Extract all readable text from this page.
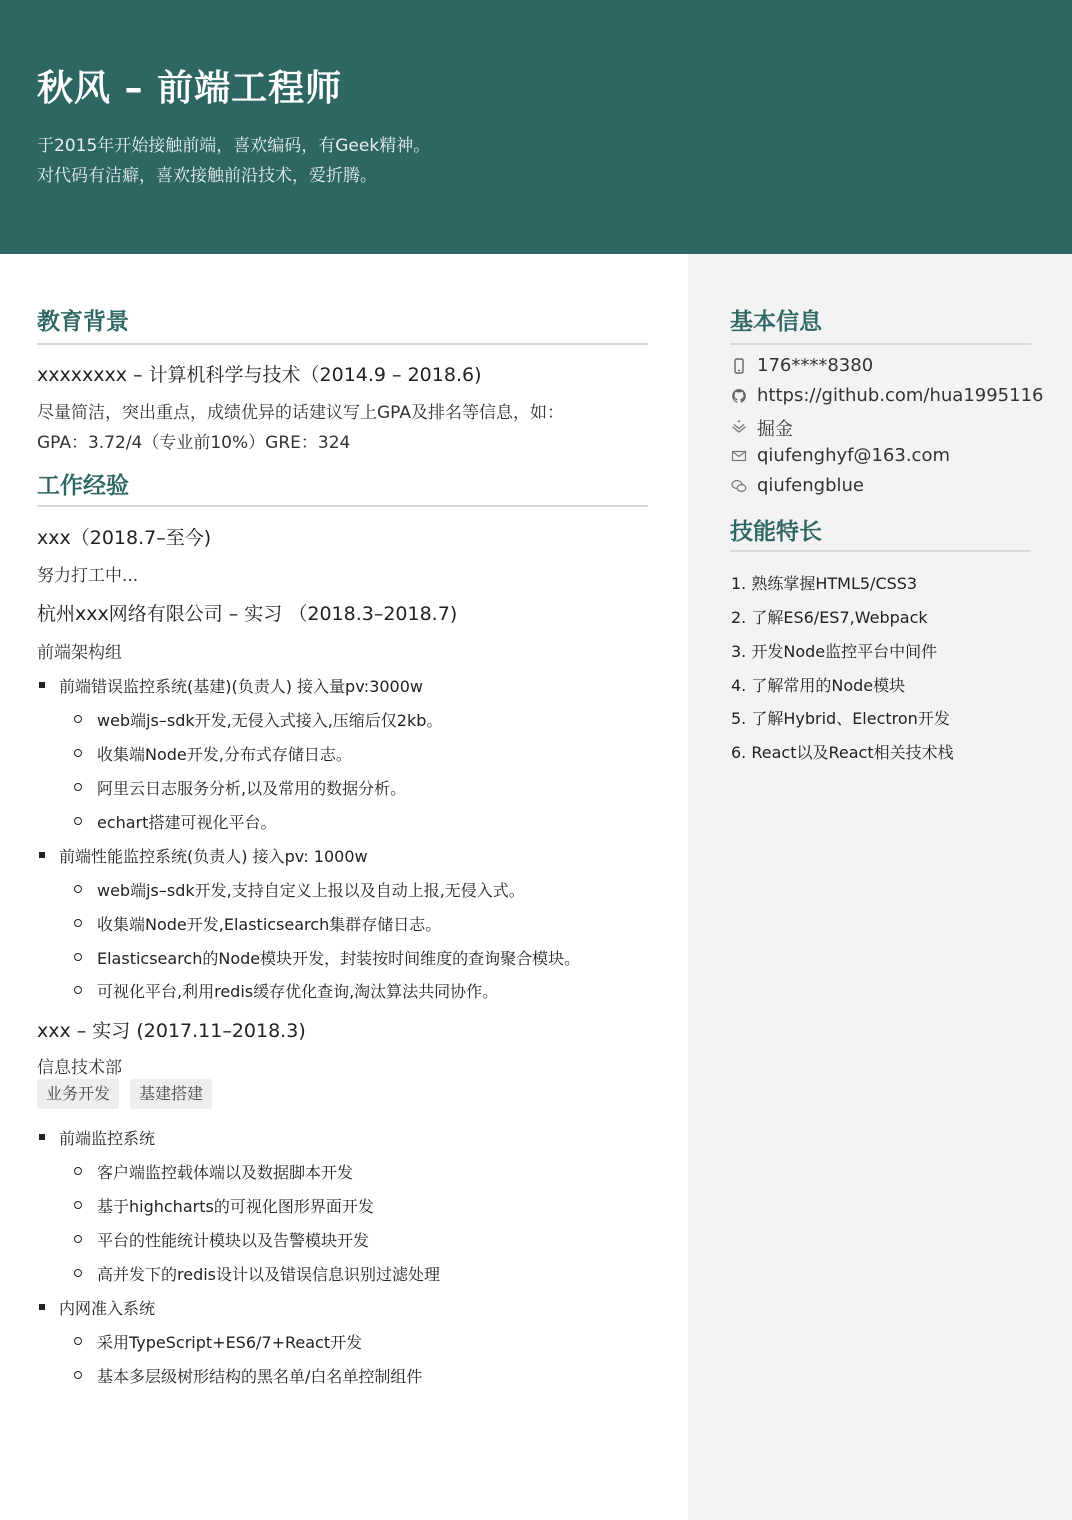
秋风 – 前端工程师
于2015年开始接触前端，喜欢编码，有Geek精神。
对代码有洁癖，喜欢接触前沿技术，爱折腾。
教育背景
xxxxxxxx – 计算机科学与技术（2014.9 – 2018.6)
尽量简洁，突出重点，成绩优异的话建议写上GPA及排名等信息，如：
GPA：3.72/4（专业前10%）GRE：324
工作经验
xxx（2018.7–至今)
努力打工中...
杭州xxx网络有限公司 – 实习 （2018.3–2018.7)
前端架构组
前端错误监控系统(基建)(负责人) 接入量pv:3000w
web端js–sdk开发,无侵入式接入,压缩后仅2kb。
收集端Node开发,分布式存储日志。
阿里云日志服务分析,以及常用的数据分析。
echart搭建可视化平台。
前端性能监控系统(负责人) 接入pv: 1000w
web端js–sdk开发,支持自定义上报以及自动上报,无侵入式。
收集端Node开发,Elasticsearch集群存储日志。
Elasticsearch的Node模块开发，封装按时间维度的查询聚合模块。
可视化平台,利用redis缓存优化查询,淘汰算法共同协作。
xxx – 实习 (2017.11–2018.3)
信息技术部
业务开发	基建搭建
前端监控系统
客户端监控载体端以及数据脚本开发
基于highcharts的可视化图形界面开发
平台的性能统计模块以及告警模块开发
高并发下的redis设计以及错误信息识别过滤处理
内网准入系统
采用TypeScript+ES6/7+React开发
基本多层级树形结构的黑名单/白名单控制组件
基本信息
176****8380
https://github.com/hua1995116
掘金
qiufenghyf@163.com
qiufengblue
技能特长
1. 熟练掌握HTML5/CSS3
2. 了解ES6/ES7,Webpack
3. 开发Node监控平台中间件
4. 了解常用的Node模块
5. 了解Hybrid、Electron开发
6. React以及React相关技术栈
